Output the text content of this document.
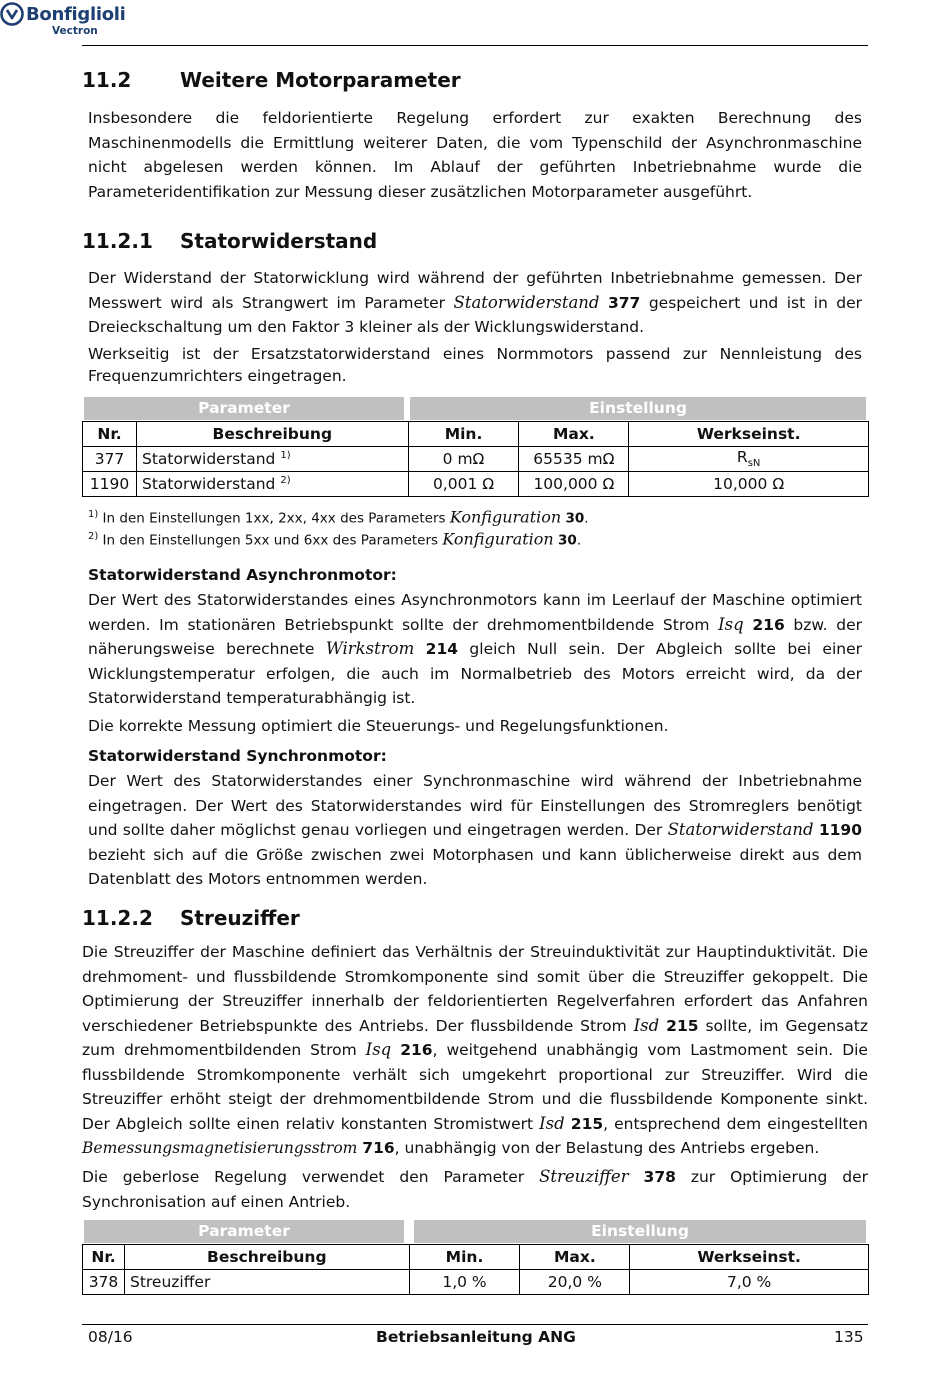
Bonfiglioli
Vectron
11.2 Weitere Motorparameter

Insbesondere die feldorientierte Regelung erfordert zur exakten Berechnung des Maschinenmodells die Ermittlung weiterer Daten, die vom Typenschild der Asynchronmaschine nicht abgelesen werden können. Im Ablauf der geführten Inbetriebnahme wurde die Parameteridentifikation zur Messung dieser zusätzlichen Motorparameter ausgeführt.

11.2.1 Statorwiderstand

Der Widerstand der Statorwicklung wird während der geführten Inbetriebnahme gemessen. Der Messwert wird als Strangwert im Parameter Statorwiderstand 377 gespeichert und ist in der Dreieckschaltung um den Faktor 3 kleiner als der Wicklungswiderstand.

Werkseitig ist der Ersatzstatorwiderstand eines Normmotors passend zur Nennleistung des Frequenzumrichters eingetragen.

Parameter	Einstellung
Nr.	Beschreibung	Min.	Max.	Werkseinst.
377	Statorwiderstand $^{1)}$	0 mΩ	65535 mΩ	$R_{sN}$
1190	Statorwiderstand $^{2)}$	0,001 Ω	100,000 Ω	10,000 Ω

$^{1)}$ In den Einstellungen 1xx, 2xx, 4xx des Parameters Konfiguration 30.

$^{2)}$ In den Einstellungen 5xx und 6xx des Parameters Konfiguration 30.

Statorwiderstand Asynchronmotor:

Der Wert des Statorwiderstandes eines Asynchronmotors kann im Leerlauf der Maschine optimiert werden. Im stationären Betriebspunkt sollte der drehmomentbildende Strom Isq 216 bzw. der näherungsweise berechnete Wirkstrom 214 gleich Null sein. Der Abgleich sollte bei einer Wicklungstemperatur erfolgen, die auch im Normalbetrieb des Motors erreicht wird, da der Statorwiderstand temperaturabhängig ist.

Die korrekte Messung optimiert die Steuerungs- und Regelungsfunktionen.

Statorwiderstand Synchronmotor:

Der Wert des Statorwiderstandes einer Synchronmaschine wird während der Inbetriebnahme eingetragen. Der Wert des Statorwiderstandes wird für Einstellungen des Stromreglers benötigt und sollte daher möglichst genau vorliegen und eingetragen werden. Der Statorwiderstand 1190 bezieht sich auf die Größe zwischen zwei Motorphasen und kann üblicherweise direkt aus dem Datenblatt des Motors entnommen werden.

11.2.2 Streuziffer

Die Streuziffer der Maschine definiert das Verhältnis der Streuinduktivität zur Hauptinduktivität. Die drehmoment- und flussbildende Stromkomponente sind somit über die Streuziffer gekoppelt. Die Optimierung der Streuziffer innerhalb der feldorientierten Regelverfahren erfordert das Anfahren verschiedener Betriebspunkte des Antriebs. Der flussbildende Strom Isd 215 sollte, im Gegensatz zum drehmomentbildenden Strom Isq 216, weitgehend unabhängig vom Lastmoment sein. Die flussbildende Stromkomponente verhält sich umgekehrt proportional zur Streuziffer. Wird die Streuziffer erhöht steigt der drehmomentbildende Strom und die flussbildende Komponente sinkt. Der Abgleich sollte einen relativ konstanten Stromistwert Isd 215, entsprechend dem eingestellten Bemessungsmagnetisierungsstrom 716, unabhängig von der Belastung des Antriebs ergeben.

Die geberlose Regelung verwendet den Parameter Streuziffer 378 zur Optimierung der Synchronisation auf einen Antrieb.

Parameter	Einstellung
Nr.	Beschreibung	Min.	Max.	Werkseinst.
378	Streuziffer	1,0 %	20,0 %	7,0 %
08/16	Betriebsanleitung ANG	135
